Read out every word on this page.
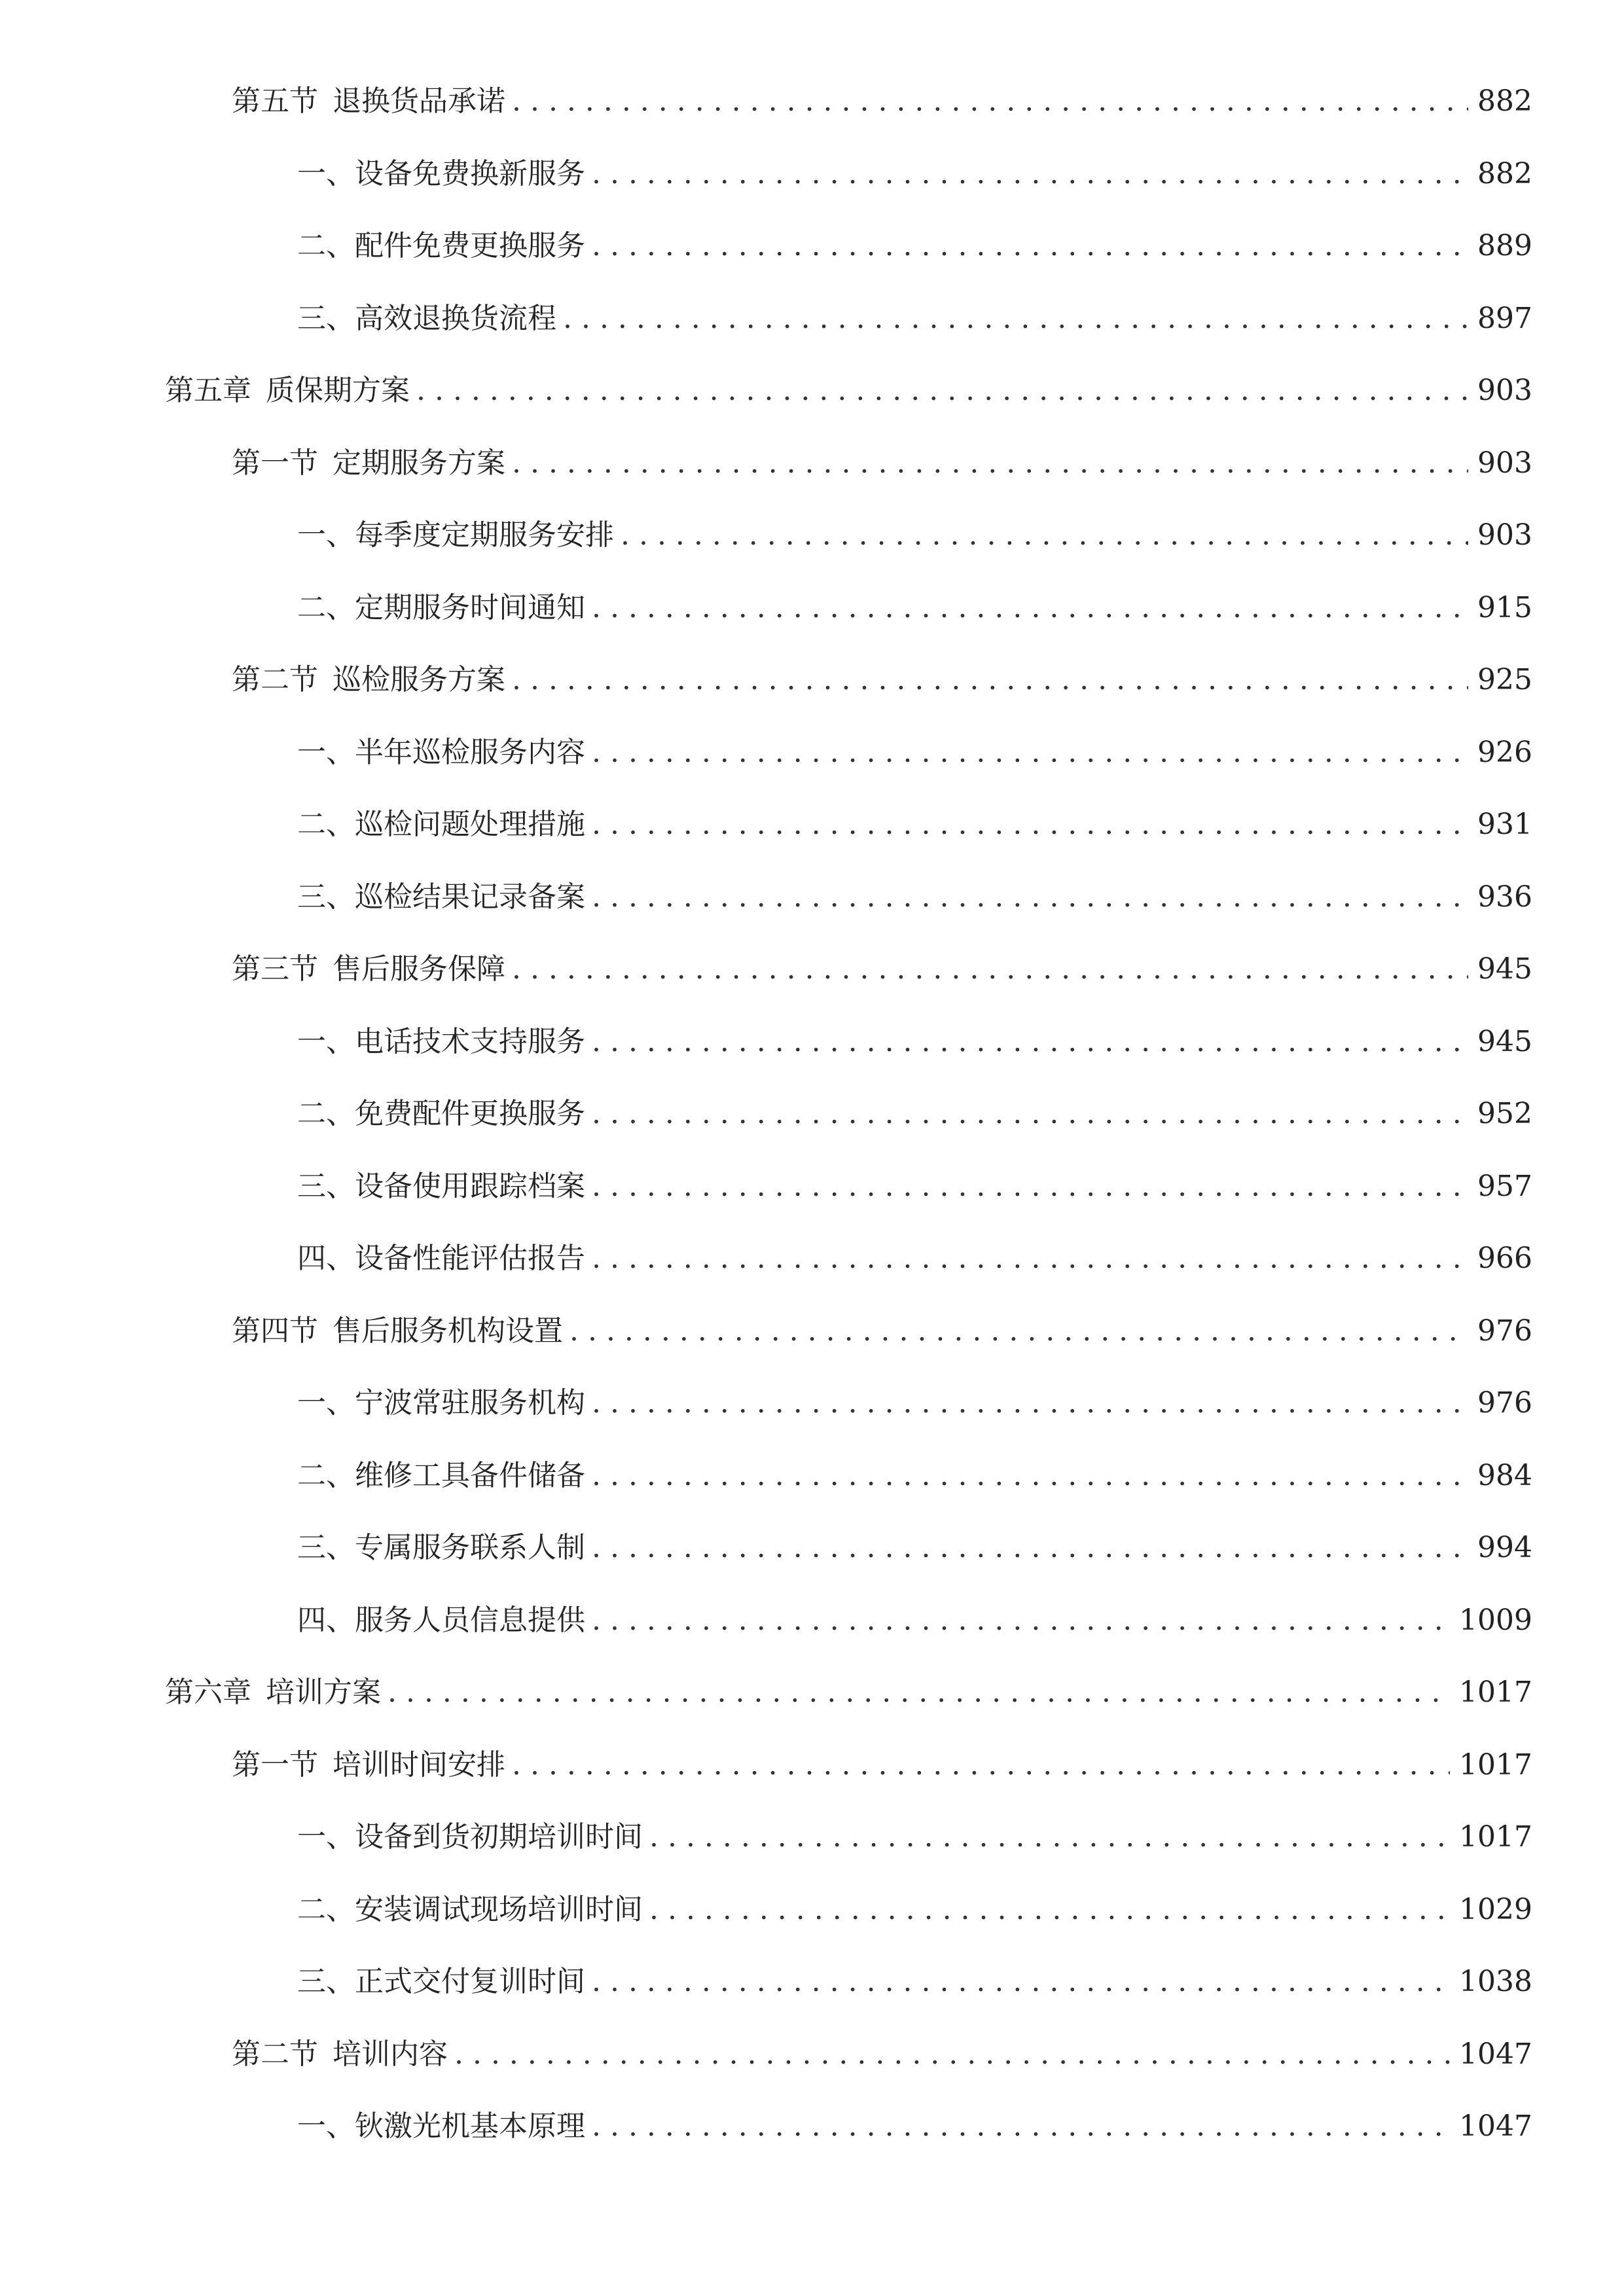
第五节 退换货品承诺 . . .	882
一、 设备免费换新服务 . . .	882
二、 配件免费更换服务 . . .	889
三、 高效退换货流程 . . .	897
第五章 质保期方案 . . .	903
第一节 定期服务方案 . . .	903
一、 每季度定期服务安排 . . .	903
二、 定期服务时间通知 . . .	915
第二节 巡检服务方案 . . .	925
一、 半年巡检服务内容 . . .	926
二、 巡检问题处理措施 . . .	931
三、 巡检结果记录备案 . . .	936
第三节 售后服务保障 . . .	945
一、 电话技术支持服务 . . .	945
二、 免费配件更换服务 . . .	952
三、 设备使用跟踪档案 . . .	957
四、 设备性能评估报告 . . .	966
第四节 售后服务机构设置 . . .	976
一、 宁波常驻服务机构 . . .	976
二、 维修工具备件储备 . . .	984
三、 专属服务联系人制 . . .	994
四、 服务人员信息提供 . . .	1009
第六章 培训方案 . . .	1017
第一节 培训时间安排 . . .	1017
一、 设备到货初期培训时间 . . .	1017
二、 安装调试现场培训时间 . . .	1029
三、 正式交付复训时间 . . .	1038
第二节 培训内容 . . .	1047
一、 钬激光机基本原理 . . .	1047
